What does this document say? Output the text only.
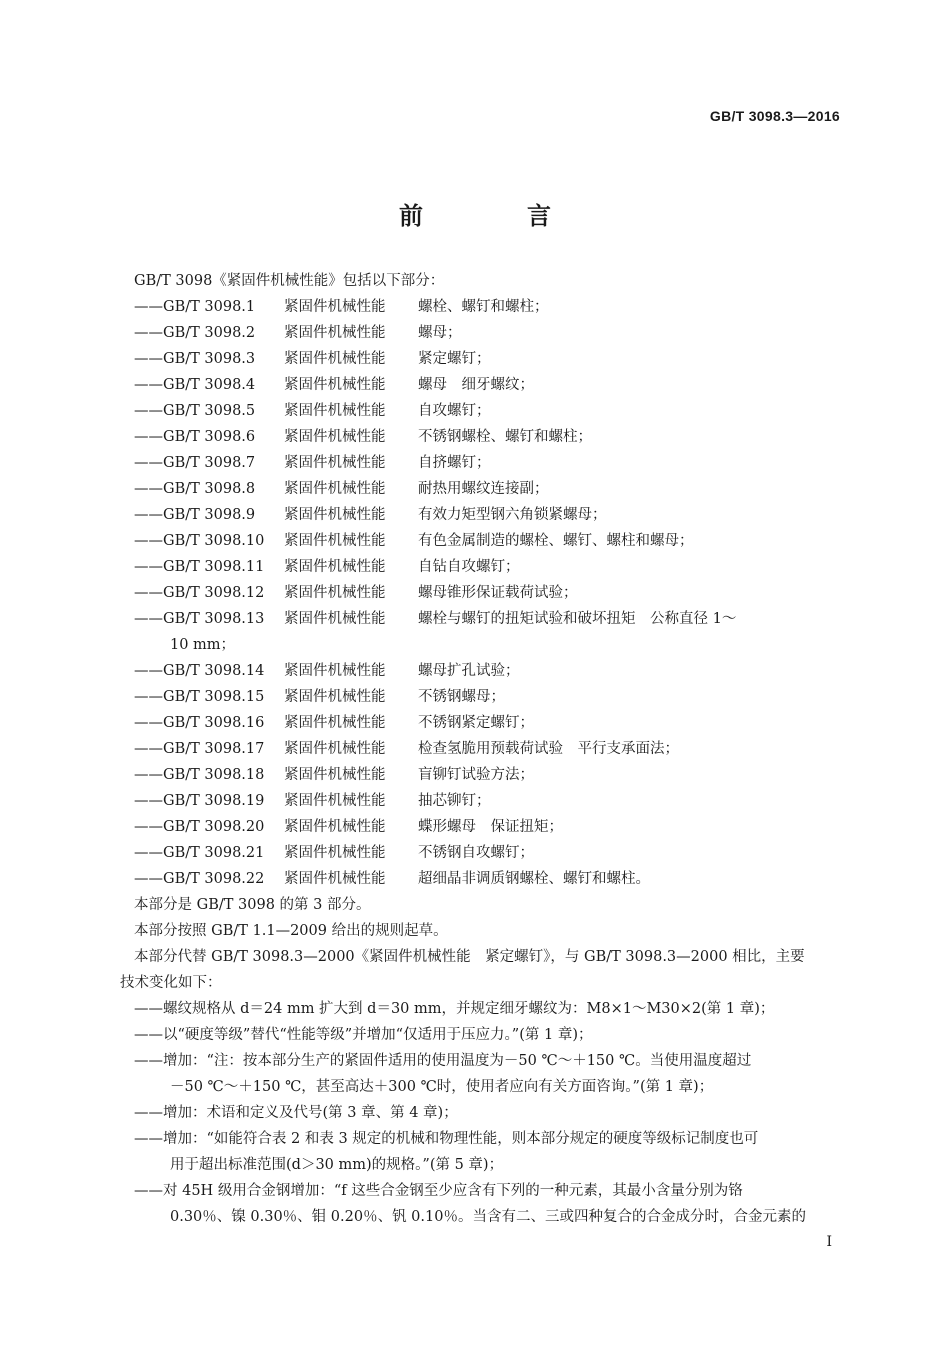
GB/T 3098.3—2016
前　言
GB/T 3098《紧固件机械性能》包括以下部分：
——GB/T 3098.1 紧固件机械性能 螺栓、螺钉和螺柱；
——GB/T 3098.2 紧固件机械性能 螺母；
——GB/T 3098.3 紧固件机械性能 紧定螺钉；
——GB/T 3098.4 紧固件机械性能 螺母　细牙螺纹；
——GB/T 3098.5 紧固件机械性能 自攻螺钉；
——GB/T 3098.6 紧固件机械性能 不锈钢螺栓、螺钉和螺柱；
——GB/T 3098.7 紧固件机械性能 自挤螺钉；
——GB/T 3098.8 紧固件机械性能 耐热用螺纹连接副；
——GB/T 3098.9 紧固件机械性能 有效力矩型钢六角锁紧螺母；
——GB/T 3098.10 紧固件机械性能 有色金属制造的螺栓、螺钉、螺柱和螺母；
——GB/T 3098.11 紧固件机械性能 自钻自攻螺钉；
——GB/T 3098.12 紧固件机械性能 螺母锥形保证载荷试验；
——GB/T 3098.13 紧固件机械性能 螺栓与螺钉的扭矩试验和破坏扭矩　公称直径 1～
10 mm；
——GB/T 3098.14 紧固件机械性能 螺母扩孔试验；
——GB/T 3098.15 紧固件机械性能 不锈钢螺母；
——GB/T 3098.16 紧固件机械性能 不锈钢紧定螺钉；
——GB/T 3098.17 紧固件机械性能 检查氢脆用预载荷试验　平行支承面法；
——GB/T 3098.18 紧固件机械性能 盲铆钉试验方法；
——GB/T 3098.19 紧固件机械性能 抽芯铆钉；
——GB/T 3098.20 紧固件机械性能 蝶形螺母　保证扭矩；
——GB/T 3098.21 紧固件机械性能 不锈钢自攻螺钉；
——GB/T 3098.22 紧固件机械性能 超细晶非调质钢螺栓、螺钉和螺柱。
本部分是 GB/T 3098 的第 3 部分。
本部分按照 GB/T 1.1—2009 给出的规则起草。
本部分代替 GB/T 3098.3—2000《紧固件机械性能　紧定螺钉》，与 GB/T 3098.3—2000 相比，主要
技术变化如下：
——螺纹规格从 d＝24 mm 扩大到 d＝30 mm，并规定细牙螺纹为：M8×1～M30×2(第 1 章)；
——以“硬度等级”替代“性能等级”并增加“仅适用于压应力。”(第 1 章)；
——增加：“注：按本部分生产的紧固件适用的使用温度为－50 ℃～＋150 ℃。当使用温度超过
－50 ℃～＋150 ℃，甚至高达＋300 ℃时，使用者应向有关方面咨询。”(第 1 章)；
——增加：术语和定义及代号(第 3 章、第 4 章)；
——增加：“如能符合表 2 和表 3 规定的机械和物理性能，则本部分规定的硬度等级标记制度也可
用于超出标准范围(d＞30 mm)的规格。”(第 5 章)；
——对 45H 级用合金钢增加：“f 这些合金钢至少应含有下列的一种元素，其最小含量分别为铬
0.30％、镍 0.30％、钼 0.20％、钒 0.10％。当含有二、三或四种复合的合金成分时，合金元素的
I
